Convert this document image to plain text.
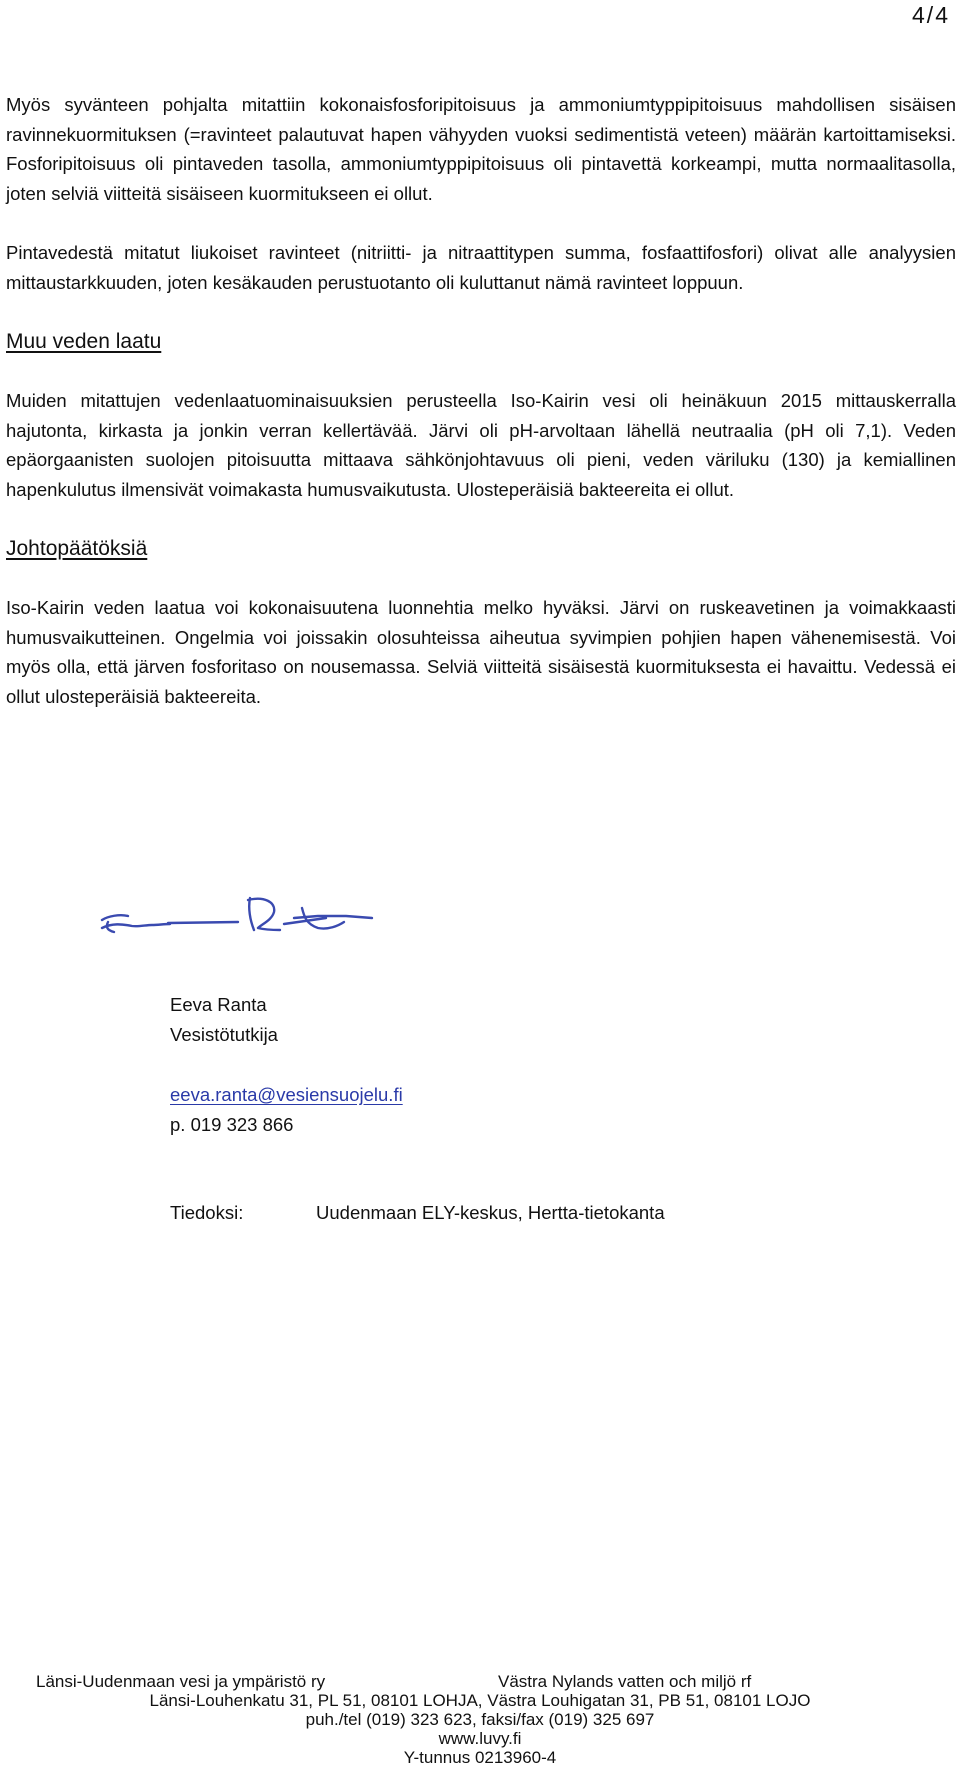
4/4

Myös syvänteen pohjalta mitattiin kokonaisfosforipitoisuus ja ammoniumtyppipitoisuus mahdollisen sisäisen ravinnekuormituksen (=ravinteet palautuvat hapen vähyyden vuoksi sedimentistä veteen) määrän kartoittamiseksi. Fosforipitoisuus oli pintaveden tasolla, ammoniumtyppipitoisuus oli pintavettä korkeampi, mutta normaalitasolla, joten selviä viitteitä sisäiseen kuormitukseen ei ollut.

Pintavedestä mitatut liukoiset ravinteet (nitriitti- ja nitraattitypen summa, fosfaattifosfori) olivat alle analyysien mittaustarkkuuden, joten kesäkauden perustuotanto oli kuluttanut nämä ravinteet loppuun.

Muu veden laatu

Muiden mitattujen vedenlaatuominaisuuksien perusteella Iso-Kairin vesi oli heinäkuun 2015 mittauskerralla hajutonta, kirkasta ja jonkin verran kellertävää. Järvi oli pH-arvoltaan lähellä neutraalia (pH oli 7,1). Veden epäorgaanisten suolojen pitoisuutta mittaava sähkönjohtavuus oli pieni, veden väriluku (130) ja kemiallinen hapenkulutus ilmensivät voimakasta humusvaikutusta. Ulosteperäisiä bakteereita ei ollut.

Johtopäätöksiä

Iso-Kairin veden laatua voi kokonaisuutena luonnehtia melko hyväksi. Järvi on ruskeavetinen ja voimakkaasti humusvaikutteinen. Ongelmia voi joissakin olosuhteissa aiheutua syvimpien pohjien hapen vähenemisestä. Voi myös olla, että järven fosforitaso on nousemassa. Selviä viitteitä sisäisestä kuormituksesta ei havaittu. Vedessä ei ollut ulosteperäisiä bakteereita.

Eeva Ranta
Vesistötutkija
eeva.ranta@vesiensuojelu.fi
p. 019 323 866
Tiedoksi:	Uudenmaan ELY-keskus, Hertta-tietokanta
Länsi-Uudenmaan vesi ja ympäristö ry	Västra Nylands vatten och miljö rf
Länsi-Louhenkatu 31, PL 51, 08101 LOHJA, Västra Louhigatan 31, PB 51, 08101 LOJO
puh./tel (019) 323 623, faksi/fax (019) 325 697
www.luvy.fi
Y-tunnus 0213960-4
